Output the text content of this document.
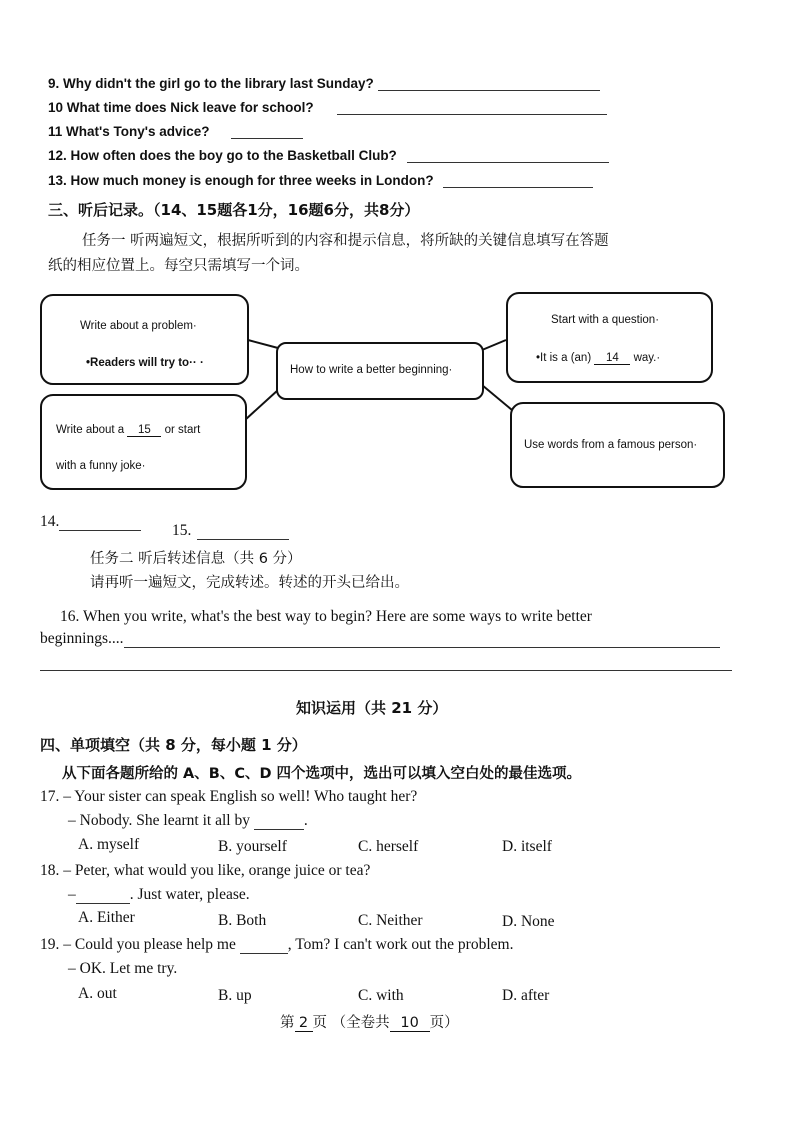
9. Why didn't the girl go to the library last Sunday?
10 What time does Nick leave for school?
11 What's Tony's advice?
12. How often does the boy go to the Basketball Club?
13. How much money is enough for three weeks in London?
三、听后记录。（14、15题各1分，16题6分，共8分）
任务一 听两遍短文，根据所听到的内容和提示信息，将所缺的关键信息填写在答题
纸的相应位置上。每空只需填写一个词。
Write about a problem·
•Readers will try to·· ·
Write about a 15 or start
with a funny joke·
How to write a better beginning·
Start with a question·
•It is a (an) 14 way.·
Use words from a famous person·
14.
15.
任务二 听后转述信息（共 6 分）
请再听一遍短文，完成转述。转述的开头已给出。
16. When you write, what's the best way to begin? Here are some ways to write better
beginnings....
知识运用（共 21 分）
四、单项填空（共 8 分，每小题 1 分）
从下面各题所给的 A、B、C、D 四个选项中，选出可以填入空白处的最佳选项。
17. – Your sister can speak English so well! Who taught her?
– Nobody. She learnt it all by	.
A. myself	B. yourself	C. herself	D. itself
18. – Peter, what would you like, orange juice or tea?
–	. Just water, please.
A. Either	B. Both	C. Neither	D. None
19. – Could you please help me	, Tom? I can't work out the problem.
– OK. Let me try.
A. out	B. up	C. with	D. after
第 2 页 （全卷共 10 页）
